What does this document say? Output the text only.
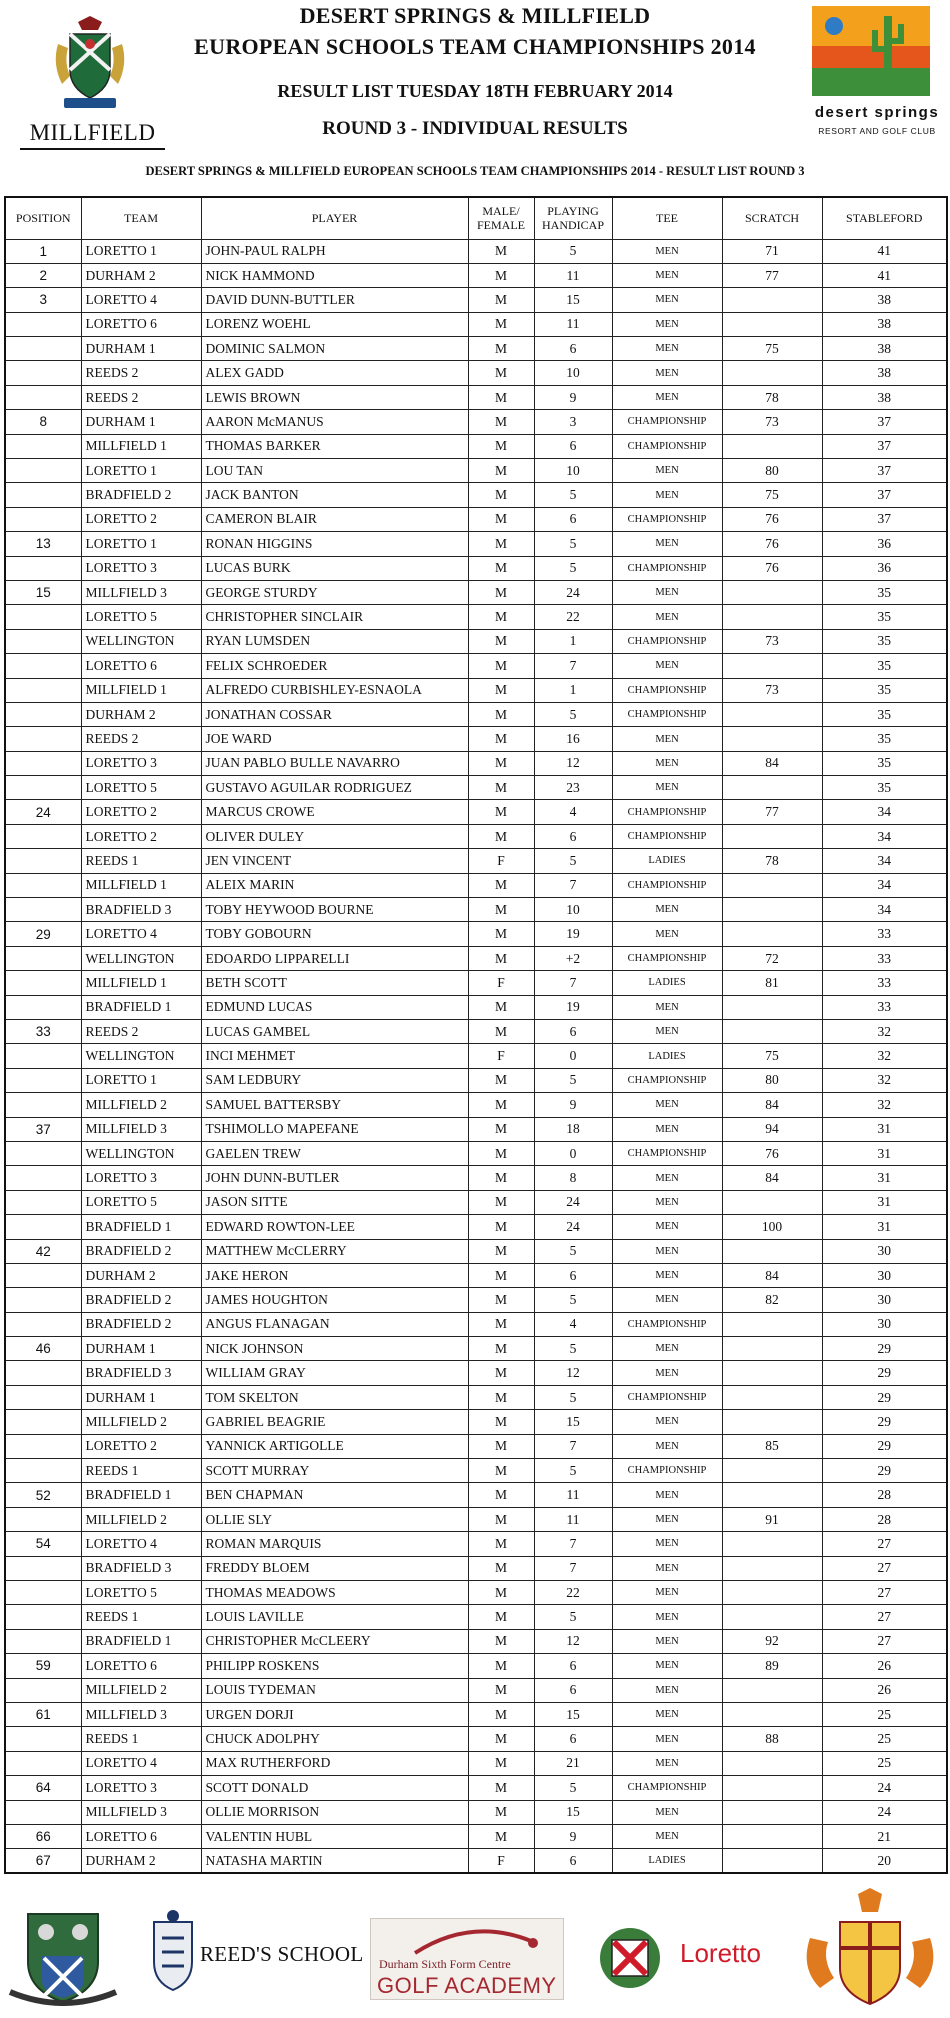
MILLFIELD
DESERT SPRINGS & MILLFIELD
EUROPEAN SCHOOLS TEAM CHAMPIONSHIPS 2014
RESULT LIST TUESDAY 18TH FEBRUARY 2014
ROUND 3 - INDIVIDUAL RESULTS
desert springs
RESORT AND GOLF CLUB
DESERT SPRINGS & MILLFIELD EUROPEAN SCHOOLS TEAM CHAMPIONSHIPS 2014 - RESULT LIST ROUND 3
POSITION	TEAM	PLAYER	MALE/ FEMALE	PLAYING HANDICAP	TEE	SCRATCH	STABLEFORD
1	LORETTO 1	JOHN-PAUL RALPH	M	5	MEN	71	41
2	DURHAM 2	NICK HAMMOND	M	11	MEN	77	41
3	LORETTO 4	DAVID DUNN-BUTTLER	M	15	MEN		38
	LORETTO 6	LORENZ WOEHL	M	11	MEN		38
	DURHAM 1	DOMINIC SALMON	M	6	MEN	75	38
	REEDS 2	ALEX GADD	M	10	MEN		38
	REEDS 2	LEWIS BROWN	M	9	MEN	78	38
8	DURHAM 1	AARON McMANUS	M	3	CHAMPIONSHIP	73	37
	MILLFIELD 1	THOMAS BARKER	M	6	CHAMPIONSHIP		37
	LORETTO 1	LOU TAN	M	10	MEN	80	37
	BRADFIELD 2	JACK BANTON	M	5	MEN	75	37
	LORETTO 2	CAMERON BLAIR	M	6	CHAMPIONSHIP	76	37
13	LORETTO 1	RONAN HIGGINS	M	5	MEN	76	36
	LORETTO 3	LUCAS BURK	M	5	CHAMPIONSHIP	76	36
15	MILLFIELD 3	GEORGE STURDY	M	24	MEN		35
	LORETTO 5	CHRISTOPHER SINCLAIR	M	22	MEN		35
	WELLINGTON	RYAN LUMSDEN	M	1	CHAMPIONSHIP	73	35
	LORETTO 6	FELIX SCHROEDER	M	7	MEN		35
	MILLFIELD 1	ALFREDO CURBISHLEY-ESNAOLA	M	1	CHAMPIONSHIP	73	35
	DURHAM 2	JONATHAN COSSAR	M	5	CHAMPIONSHIP		35
	REEDS 2	JOE WARD	M	16	MEN		35
	LORETTO 3	JUAN PABLO BULLE NAVARRO	M	12	MEN	84	35
	LORETTO 5	GUSTAVO AGUILAR RODRIGUEZ	M	23	MEN		35
24	LORETTO 2	MARCUS CROWE	M	4	CHAMPIONSHIP	77	34
	LORETTO 2	OLIVER DULEY	M	6	CHAMPIONSHIP		34
	REEDS 1	JEN VINCENT	F	5	LADIES	78	34
	MILLFIELD 1	ALEIX MARIN	M	7	CHAMPIONSHIP		34
	BRADFIELD 3	TOBY HEYWOOD BOURNE	M	10	MEN		34
29	LORETTO 4	TOBY GOBOURN	M	19	MEN		33
	WELLINGTON	EDOARDO LIPPARELLI	M	+2	CHAMPIONSHIP	72	33
	MILLFIELD 1	BETH SCOTT	F	7	LADIES	81	33
	BRADFIELD 1	EDMUND LUCAS	M	19	MEN		33
33	REEDS 2	LUCAS GAMBEL	M	6	MEN		32
	WELLINGTON	INCI MEHMET	F	0	LADIES	75	32
	LORETTO 1	SAM LEDBURY	M	5	CHAMPIONSHIP	80	32
	MILLFIELD 2	SAMUEL BATTERSBY	M	9	MEN	84	32
37	MILLFIELD 3	TSHIMOLLO MAPEFANE	M	18	MEN	94	31
	WELLINGTON	GAELEN TREW	M	0	CHAMPIONSHIP	76	31
	LORETTO 3	JOHN DUNN-BUTLER	M	8	MEN	84	31
	LORETTO 5	JASON SITTE	M	24	MEN		31
	BRADFIELD 1	EDWARD ROWTON-LEE	M	24	MEN	100	31
42	BRADFIELD 2	MATTHEW McCLERRY	M	5	MEN		30
	DURHAM 2	JAKE HERON	M	6	MEN	84	30
	BRADFIELD 2	JAMES HOUGHTON	M	5	MEN	82	30
	BRADFIELD 2	ANGUS FLANAGAN	M	4	CHAMPIONSHIP		30
46	DURHAM 1	NICK JOHNSON	M	5	MEN		29
	BRADFIELD 3	WILLIAM GRAY	M	12	MEN		29
	DURHAM 1	TOM SKELTON	M	5	CHAMPIONSHIP		29
	MILLFIELD 2	GABRIEL BEAGRIE	M	15	MEN		29
	LORETTO 2	YANNICK ARTIGOLLE	M	7	MEN	85	29
	REEDS 1	SCOTT MURRAY	M	5	CHAMPIONSHIP		29
52	BRADFIELD 1	BEN CHAPMAN	M	11	MEN		28
	MILLFIELD 2	OLLIE SLY	M	11	MEN	91	28
54	LORETTO 4	ROMAN MARQUIS	M	7	MEN		27
	BRADFIELD 3	FREDDY BLOEM	M	7	MEN		27
	LORETTO 5	THOMAS MEADOWS	M	22	MEN		27
	REEDS 1	LOUIS LAVILLE	M	5	MEN		27
	BRADFIELD 1	CHRISTOPHER McCLEERY	M	12	MEN	92	27
59	LORETTO 6	PHILIPP ROSKENS	M	6	MEN	89	26
	MILLFIELD 2	LOUIS TYDEMAN	M	6	MEN		26
61	MILLFIELD 3	URGEN DORJI	M	15	MEN		25
	REEDS 1	CHUCK ADOLPHY	M	6	MEN	88	25
	LORETTO 4	MAX RUTHERFORD	M	21	MEN		25
64	LORETTO 3	SCOTT DONALD	M	5	CHAMPIONSHIP		24
	MILLFIELD 3	OLLIE MORRISON	M	15	MEN		24
66	LORETTO 6	VALENTIN HUBL	M	9	MEN		21
67	DURHAM 2	NATASHA MARTIN	F	6	LADIES		20
REED'S SCHOOL Durham Sixth Form Centre
GOLF ACADEMY
Loretto
